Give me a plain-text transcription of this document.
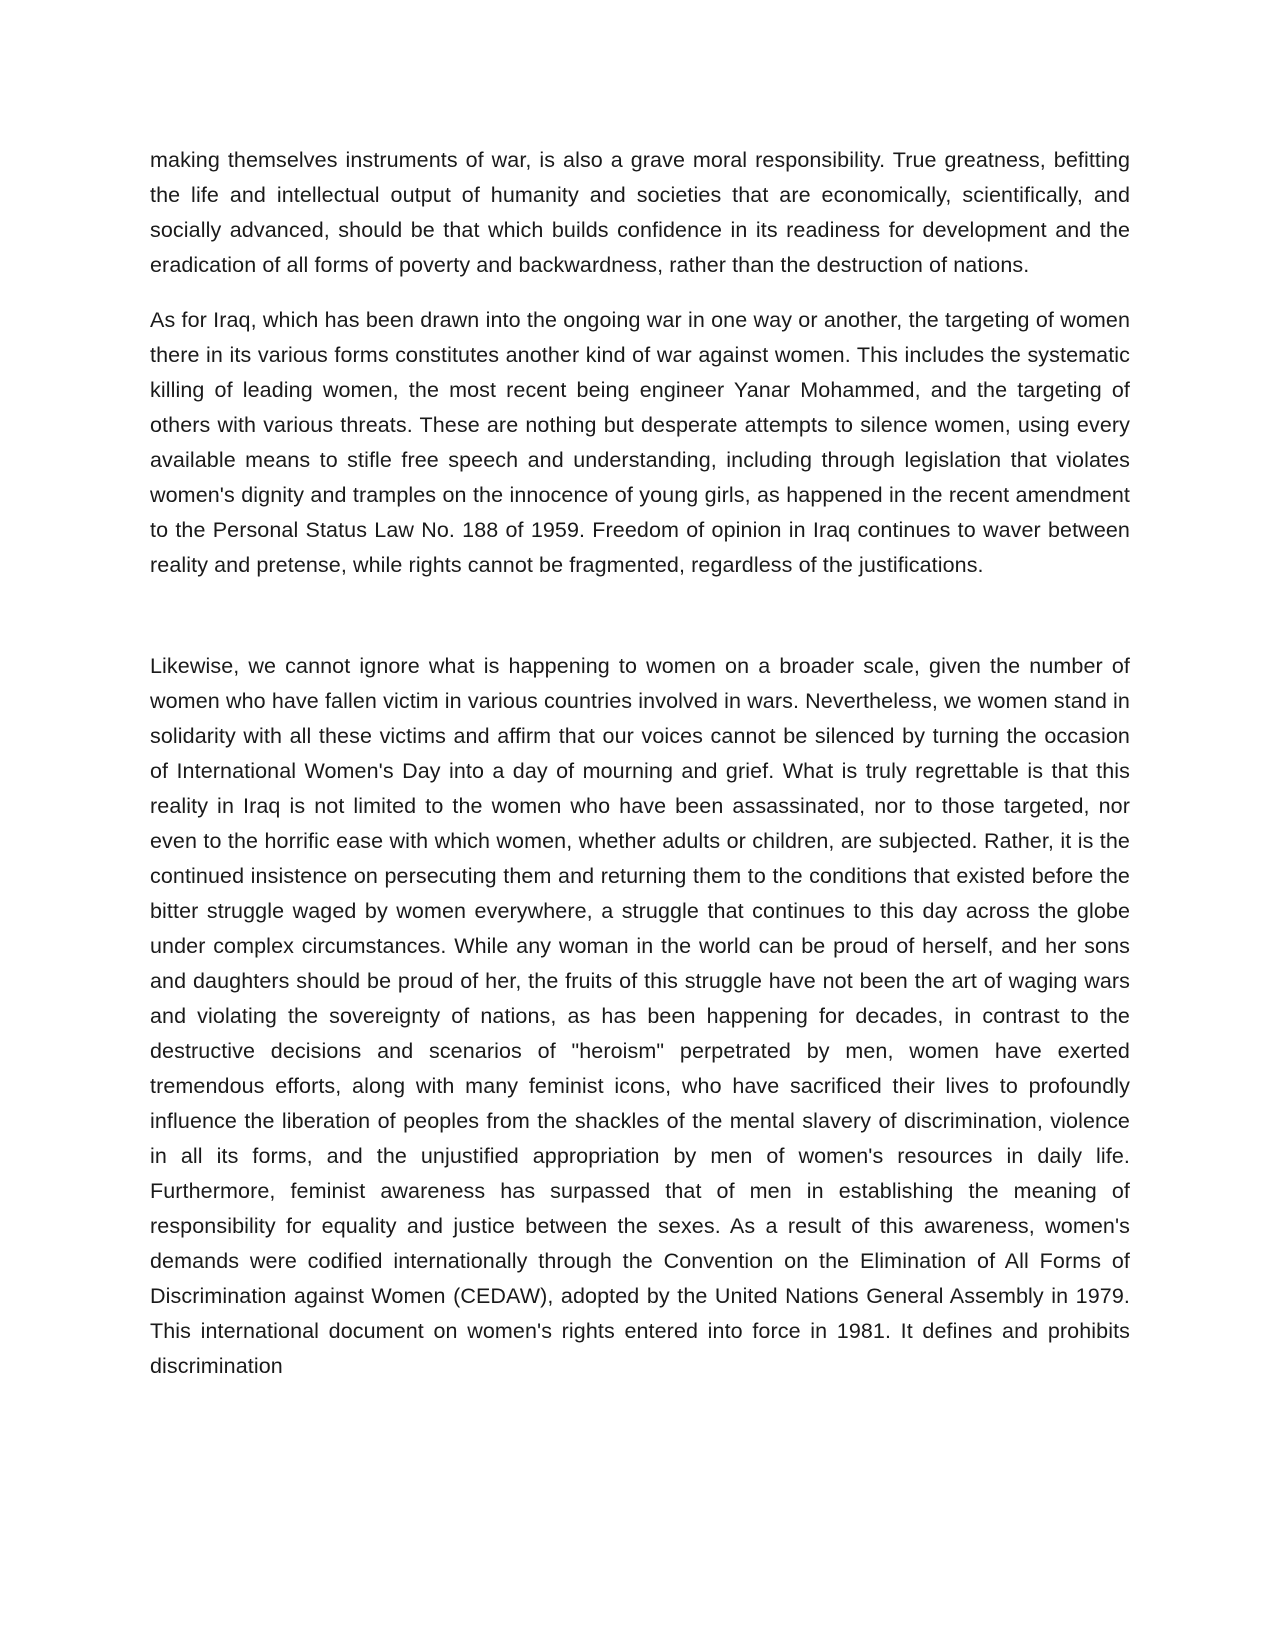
making themselves instruments of war, is also a grave moral responsibility. True greatness, befitting the life and intellectual output of humanity and societies that are economically, scientifically, and socially advanced, should be that which builds confidence in its readiness for development and the eradication of all forms of poverty and backwardness, rather than the destruction of nations.

As for Iraq, which has been drawn into the ongoing war in one way or another, the targeting of women there in its various forms constitutes another kind of war against women. This includes the systematic killing of leading women, the most recent being engineer Yanar Mohammed, and the targeting of others with various threats. These are nothing but desperate attempts to silence women, using every available means to stifle free speech and understanding, including through legislation that violates women's dignity and tramples on the innocence of young girls, as happened in the recent amendment to the Personal Status Law No. 188 of 1959. Freedom of opinion in Iraq continues to waver between reality and pretense, while rights cannot be fragmented, regardless of the justifications.

Likewise, we cannot ignore what is happening to women on a broader scale, given the number of women who have fallen victim in various countries involved in wars. Nevertheless, we women stand in solidarity with all these victims and affirm that our voices cannot be silenced by turning the occasion of International Women's Day into a day of mourning and grief. What is truly regrettable is that this reality in Iraq is not limited to the women who have been assassinated, nor to those targeted, nor even to the horrific ease with which women, whether adults or children, are subjected. Rather, it is the continued insistence on persecuting them and returning them to the conditions that existed before the bitter struggle waged by women everywhere, a struggle that continues to this day across the globe under complex circumstances. While any woman in the world can be proud of herself, and her sons and daughters should be proud of her, the fruits of this struggle have not been the art of waging wars and violating the sovereignty of nations, as has been happening for decades, in contrast to the destructive decisions and scenarios of "heroism" perpetrated by men, women have exerted tremendous efforts, along with many feminist icons, who have sacrificed their lives to profoundly influence the liberation of peoples from the shackles of the mental slavery of discrimination, violence in all its forms, and the unjustified appropriation by men of women's resources in daily life. Furthermore, feminist awareness has surpassed that of men in establishing the meaning of responsibility for equality and justice between the sexes. As a result of this awareness, women's demands were codified internationally through the Convention on the Elimination of All Forms of Discrimination against Women (CEDAW), adopted by the United Nations General Assembly in 1979. This international document on women's rights entered into force in 1981. It defines and prohibits discrimination
